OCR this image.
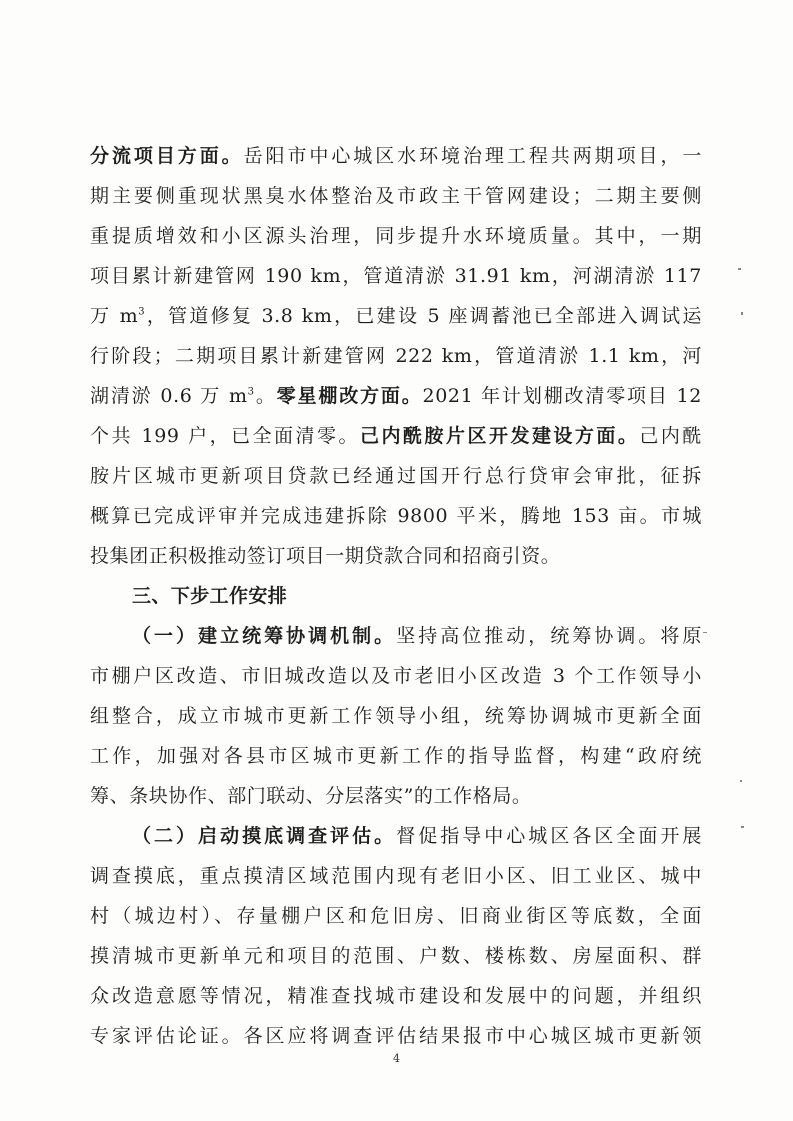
分流项目方面。岳阳市中心城区水环境治理工程共两期项目，一
期主要侧重现状黑臭水体整治及市政主干管网建设；二期主要侧
重提质增效和小区源头治理，同步提升水环境质量。其中，一期
项目累计新建管网 190 km，管道清淤 31.91 km，河湖清淤 117
万 $m^3$，管道修复 3.8 km，已建设 5 座调蓄池已全部进入调试运
行阶段；二期项目累计新建管网 222 km，管道清淤 1.1 km，河
湖清淤 0.6 万 $m^3$。零星棚改方面。2021 年计划棚改清零项目 12
个共 199 户，已全面清零。己内酰胺片区开发建设方面。己内酰
胺片区城市更新项目贷款已经通过国开行总行贷审会审批，征拆
概算已完成评审并完成违建拆除 9800 平米，腾地 153 亩。市城
投集团正积极推动签订项目一期贷款合同和招商引资。
三、下步工作安排
（一）建立统筹协调机制。坚持高位推动，统筹协调。将原
市棚户区改造、市旧城改造以及市老旧小区改造 3 个工作领导小
组整合，成立市城市更新工作领导小组，统筹协调城市更新全面
工作，加强对各县市区城市更新工作的指导监督，构建“政府统
筹、条块协作、部门联动、分层落实”的工作格局。
（二）启动摸底调查评估。督促指导中心城区各区全面开展
调查摸底，重点摸清区域范围内现有老旧小区、旧工业区、城中
村（城边村）、存量棚户区和危旧房、旧商业街区等底数，全面
摸清城市更新单元和项目的范围、户数、楼栋数、房屋面积、群
众改造意愿等情况，精准查找城市建设和发展中的问题，并组织
专家评估论证。各区应将调查评估结果报市中心城区城市更新领
4
